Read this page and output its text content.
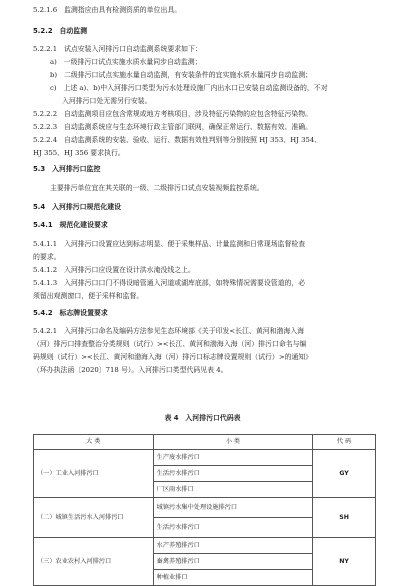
5.2.1.6　监测指应由具有检测资质的单位出具。
5.2.2　自动监测
5.2.2.1　试点安装入河排污口自动监测系统要求如下：
a)　一级排污口试点实施水质水量同步自动监测；
b)　二级排污口试点实施水量自动监测，有安装条件的宜实施水质水量同步自动监测；
c)　上述 a)、b)中入河排污口类型为污水处理设施厂内出水口已安装自动监测设备的，不对
入河排污口处无需另行安装。
5.2.2.2　自动监测项目应包含常规或地方考核项目，涉及特征污染物的应包含特征污染物。
5.2.2.3　自动监测系统应与生态环境行政主管部门联网，确保正常运行、数据有效、准确。
5.2.2.4　自动监测系统的安装、验收、运行、数据有效性判别等分别按照 HJ 353、HJ 354、
HJ 355、HJ 356 要求执行。
5.3　入河排污口监控
主要排污单位宜在其关联的一级、二级排污口试点安装视频监控系统。
5.4　入河排污口规范化建设
5.4.1　规范化建设要求
5.4.1.1　入河排污口设置应达到标志明显、便于采集样品、计量监测和日常现场监督检查
的要求。
5.4.1.2　入河排污口应设置在设计洪水淹没线之上。
5.4.1.3　入河排污口口门不得设暗管通入河道或湖库底部，如特殊情况需要设管道的，必
须留出观测窗口，便于采样和监督。
5.4.2　标志牌设置要求
5.4.2.1　入河排污口命名及编码方法参见生态环境部《关于印发<长江、黄河和渤海入海
（河）排污口排查整治分类规则（试行）><长江、黄河和渤海入海（河）排污口命名与编
码规则（试行）><长江、黄河和渤海入海（河）排污口标志牌设置规则（试行）>的通知》
（环办执法函〔2020〕718 号）。入河排污口类型代码见表 4。
表 4　入河排污口代码表
大 类	小 类	代 码
（一）工业入河排污口	生产废水排污口	GY
	生活污水排污口	
	厂区雨水排口	
（二）城镇生活污水入河排污口	城镇污水集中处理设施排污口	SH
	生活污水排污口	
（三）农业农村入河排污口	水产养殖排污口	NY
	畜禽养殖排污口	
	种植业排口	
